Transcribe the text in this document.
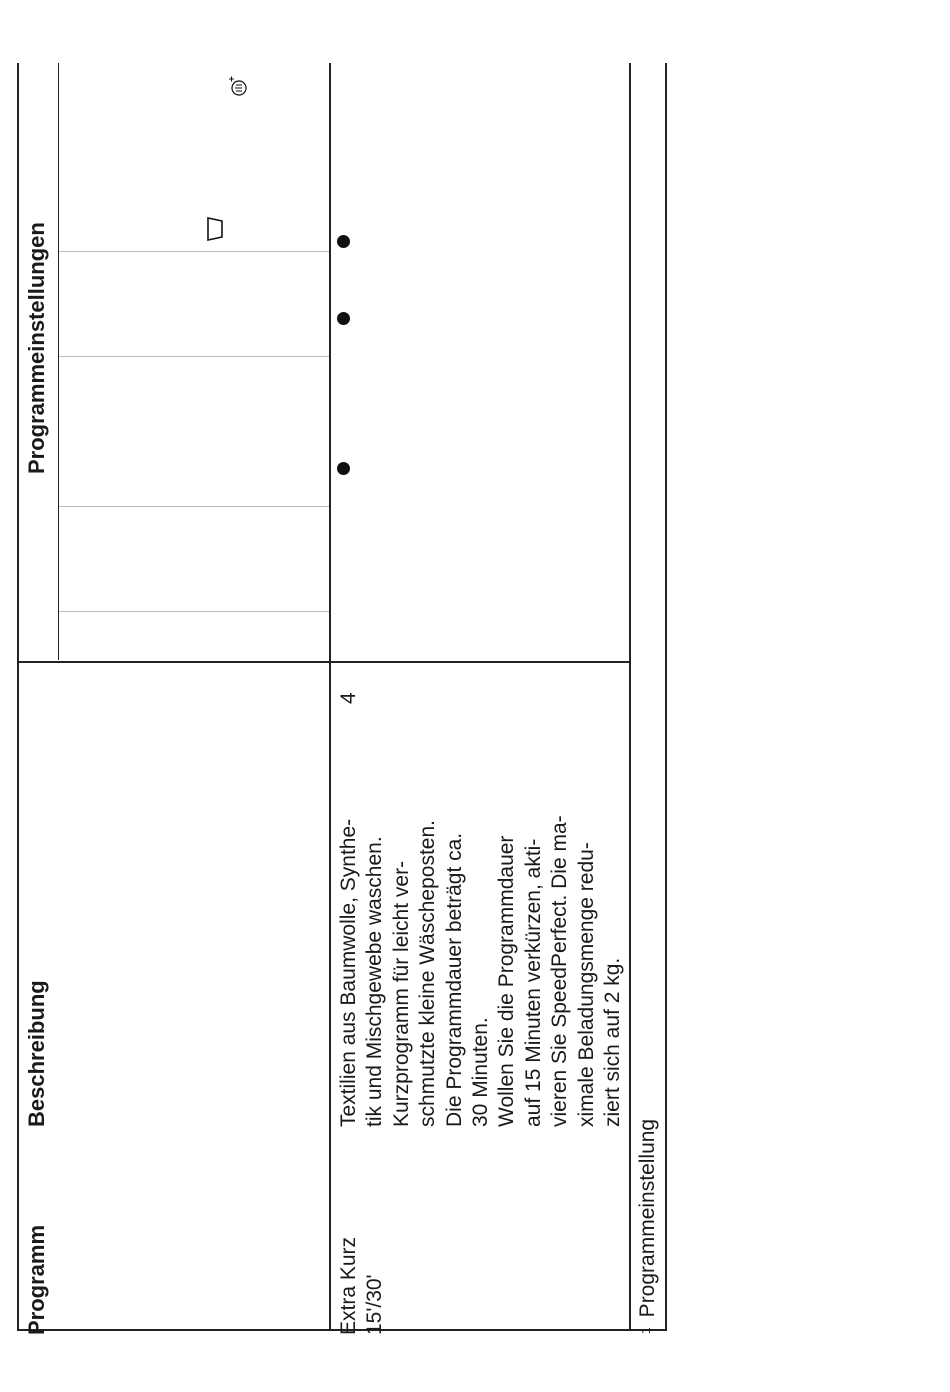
Programm
Beschreibung
Programmeinstellungen
Extra Kurz
15'/30'
Textilien aus Baumwolle, Synthe-
tik und Mischgewebe waschen.
Kurzprogramm für leicht ver-
schmutzte kleine Wäscheposten.
Die Programmdauer beträgt ca.
30 Minuten.
Wollen Sie die Programmdauer
auf 15 Minuten verkürzen, akti-
vieren Sie SpeedPerfect. Die ma-
ximale Beladungsmenge redu-
ziert sich auf 2 kg.
4
$^1$Programmeinstellung
